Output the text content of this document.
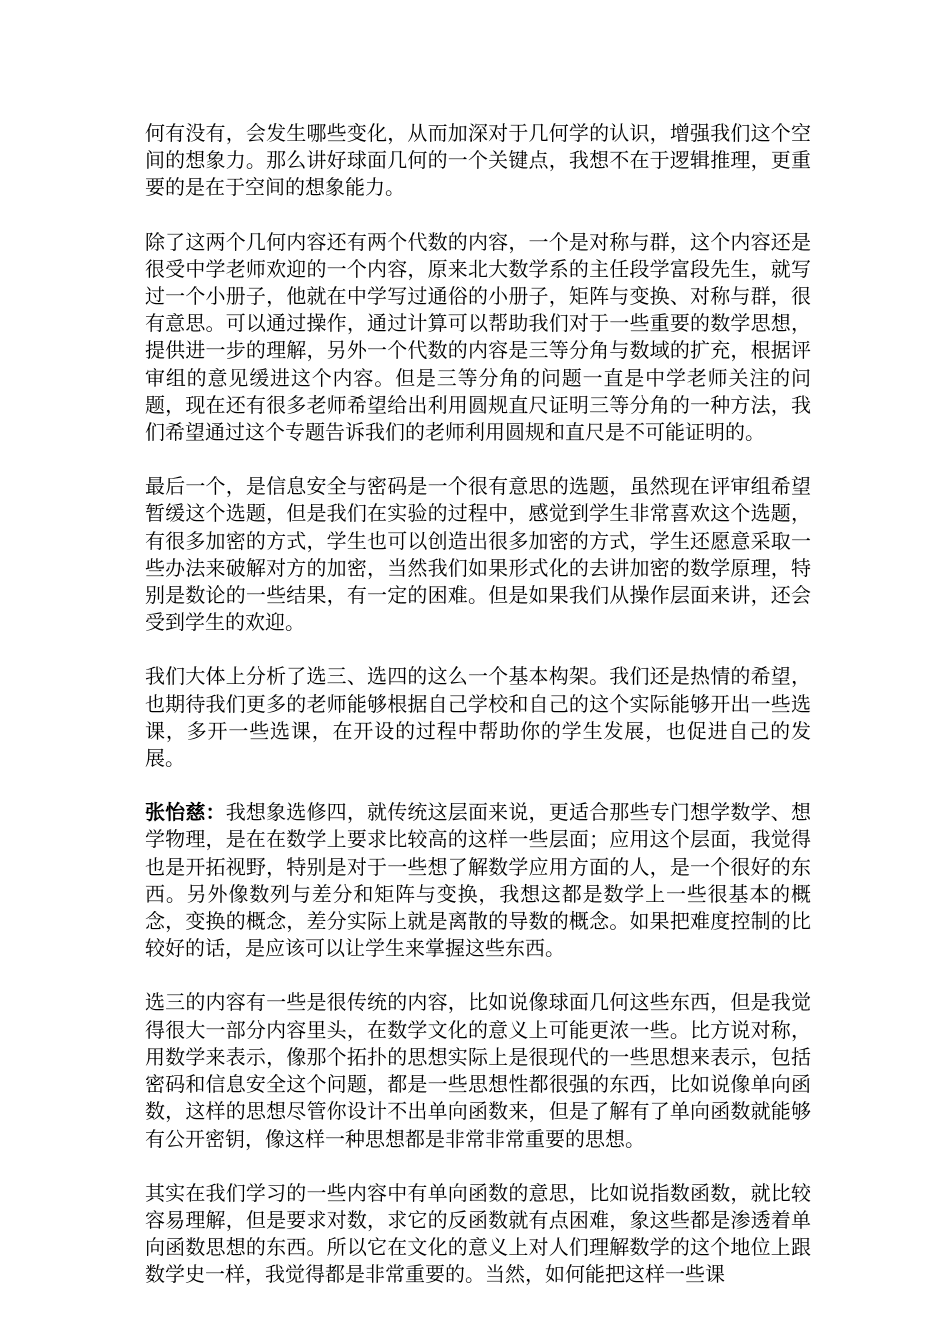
何有没有，会发生哪些变化，从而加深对于几何学的认识，增强我们这个空间的想象力。那么讲好球面几何的一个关键点，我想不在于逻辑推理，更重要的是在于空间的想象能力。

除了这两个几何内容还有两个代数的内容，一个是对称与群，这个内容还是很受中学老师欢迎的一个内容，原来北大数学系的主任段学富段先生，就写过一个小册子，他就在中学写过通俗的小册子，矩阵与变换、对称与群，很有意思。可以通过操作，通过计算可以帮助我们对于一些重要的数学思想，提供进一步的理解，另外一个代数的内容是三等分角与数域的扩充，根据评审组的意见缓进这个内容。但是三等分角的问题一直是中学老师关注的问题，现在还有很多老师希望给出利用圆规直尺证明三等分角的一种方法，我们希望通过这个专题告诉我们的老师利用圆规和直尺是不可能证明的。

最后一个，是信息安全与密码是一个很有意思的选题，虽然现在评审组希望暂缓这个选题，但是我们在实验的过程中，感觉到学生非常喜欢这个选题，有很多加密的方式，学生也可以创造出很多加密的方式，学生还愿意采取一些办法来破解对方的加密，当然我们如果形式化的去讲加密的数学原理，特别是数论的一些结果，有一定的困难。但是如果我们从操作层面来讲，还会受到学生的欢迎。

我们大体上分析了选三、选四的这么一个基本构架。我们还是热情的希望，也期待我们更多的老师能够根据自己学校和自己的这个实际能够开出一些选课，多开一些选课，在开设的过程中帮助你的学生发展，也促进自己的发展。

张怡慈：我想象选修四，就传统这层面来说，更适合那些专门想学数学、想学物理，是在在数学上要求比较高的这样一些层面；应用这个层面，我觉得也是开拓视野，特别是对于一些想了解数学应用方面的人，是一个很好的东西。另外像数列与差分和矩阵与变换，我想这都是数学上一些很基本的概念，变换的概念，差分实际上就是离散的导数的概念。如果把难度控制的比较好的话，是应该可以让学生来掌握这些东西。

选三的内容有一些是很传统的内容，比如说像球面几何这些东西，但是我觉得很大一部分内容里头，在数学文化的意义上可能更浓一些。比方说对称，用数学来表示，像那个拓扑的思想实际上是很现代的一些思想来表示，包括密码和信息安全这个问题，都是一些思想性都很强的东西，比如说像单向函数，这样的思想尽管你设计不出单向函数来，但是了解有了单向函数就能够有公开密钥，像这样一种思想都是非常非常重要的思想。

其实在我们学习的一些内容中有单向函数的意思，比如说指数函数，就比较容易理解，但是要求对数，求它的反函数就有点困难，象这些都是渗透着单向函数思想的东西。所以它在文化的意义上对人们理解数学的这个地位上跟数学史一样，我觉得都是非常重要的。当然，如何能把这样一些课
